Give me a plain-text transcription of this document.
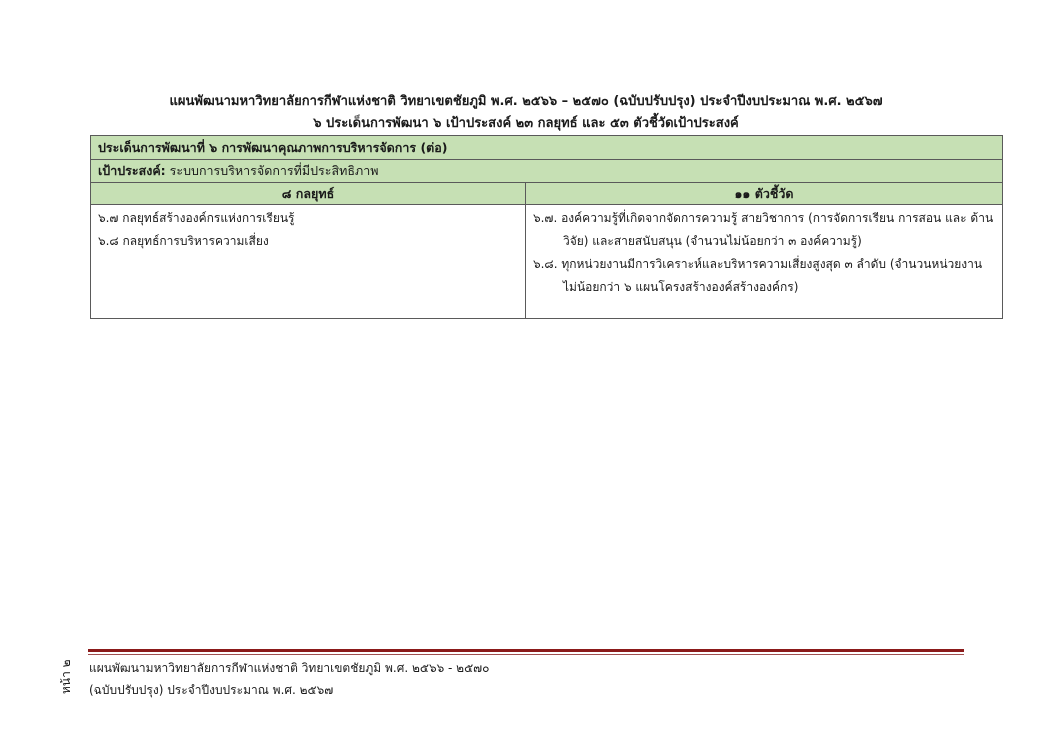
แผนพัฒนามหาวิทยาลัยการกีฬาแห่งชาติ วิทยาเขตชัยภูมิ พ.ศ. ๒๕๖๖ – ๒๕๗๐ (ฉบับปรับปรุง) ประจำปีงบประมาณ พ.ศ. ๒๕๖๗
๖ ประเด็นการพัฒนา ๖ เป้าประสงค์ ๒๓ กลยุทธ์ และ ๕๓ ตัวชี้วัดเป้าประสงค์
ประเด็นการพัฒนาที่ ๖ การพัฒนาคุณภาพการบริหารจัดการ (ต่อ)
เป้าประสงค์: ระบบการบริหารจัดการที่มีประสิทธิภาพ
๘ กลยุทธ์	๑๑ ตัวชี้วัด
๖.๗ กลยุทธ์สร้างองค์กรแห่งการเรียนรู้
๖.๘ กลยุทธ์การบริหารความเสี่ยง
๖.๗. องค์ความรู้ที่เกิดจากจัดการความรู้ สายวิชาการ (การจัดการเรียน การสอน และ ด้านวิจัย) และสายสนับสนุน (จำนวนไม่น้อยกว่า ๓ องค์ความรู้)
๖.๘. ทุกหน่วยงานมีการวิเคราะห์และบริหารความเสี่ยงสูงสุด ๓ ลำดับ (จำนวนหน่วยงาน ไม่น้อยกว่า ๖ แผนโครงสร้างองค์สร้างองค์กร)
แผนพัฒนามหาวิทยาลัยการกีฬาแห่งชาติ วิทยาเขตชัยภูมิ พ.ศ. ๒๕๖๖ - ๒๕๗๐
(ฉบับปรับปรุง) ประจำปีงบประมาณ พ.ศ. ๒๕๖๗
หน้า ๒
